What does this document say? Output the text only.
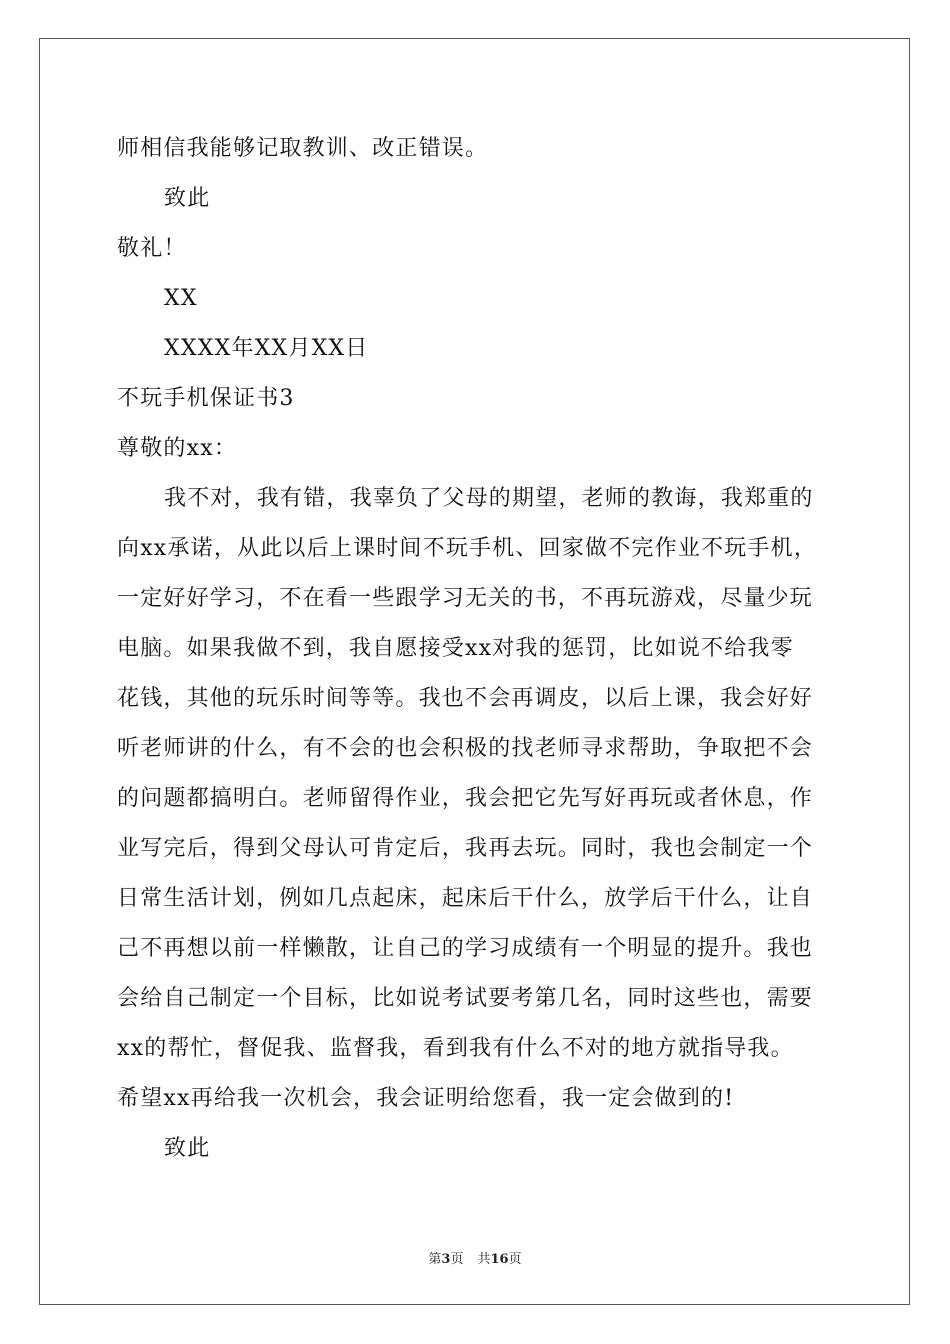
师相信我能够记取教训、改正错误。
致此
敬礼！
XX
XXXX年XX月XX日
不玩手机保证书3
尊敬的xx：
我不对，我有错，我辜负了父母的期望，老师的教诲，我郑重的
向xx承诺，从此以后上课时间不玩手机、回家做不完作业不玩手机，
一定好好学习，不在看一些跟学习无关的书，不再玩游戏，尽量少玩
电脑。如果我做不到，我自愿接受xx对我的惩罚，比如说不给我零
花钱，其他的玩乐时间等等。我也不会再调皮，以后上课，我会好好
听老师讲的什么，有不会的也会积极的找老师寻求帮助，争取把不会
的问题都搞明白。老师留得作业，我会把它先写好再玩或者休息，作
业写完后，得到父母认可肯定后，我再去玩。同时，我也会制定一个
日常生活计划，例如几点起床，起床后干什么，放学后干什么，让自
己不再想以前一样懒散，让自己的学习成绩有一个明显的提升。我也
会给自己制定一个目标，比如说考试要考第几名，同时这些也，需要
xx的帮忙，督促我、监督我，看到我有什么不对的地方就指导我。
希望xx再给我一次机会，我会证明给您看，我一定会做到的!
致此
第3页 共16页
